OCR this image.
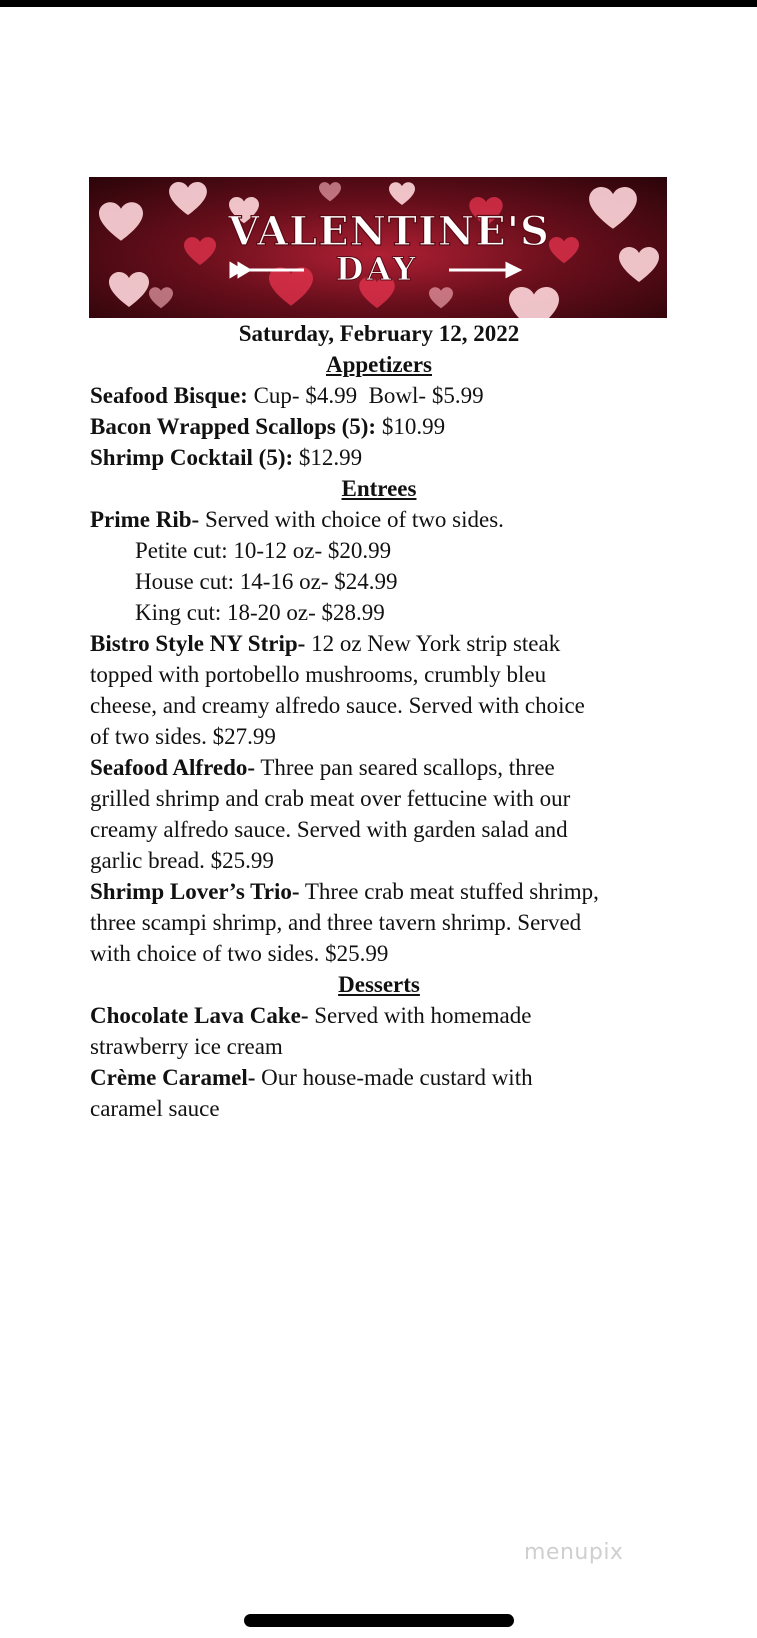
VALENTINE'S
DAY
Saturday, February 12, 2022
Appetizers
Seafood Bisque: Cup- $4.99  Bowl- $5.99
Bacon Wrapped Scallops (5): $10.99
Shrimp Cocktail (5): $12.99
Entrees
Prime Rib- Served with choice of two sides.
Petite cut: 10-12 oz- $20.99
House cut: 14-16 oz- $24.99
King cut: 18-20 oz- $28.99
Bistro Style NY Strip- 12 oz New York strip steak
topped with portobello mushrooms, crumbly bleu
cheese, and creamy alfredo sauce. Served with choice
of two sides. $27.99
Seafood Alfredo- Three pan seared scallops, three
grilled shrimp and crab meat over fettucine with our
creamy alfredo sauce. Served with garden salad and
garlic bread. $25.99
Shrimp Lover’s Trio- Three crab meat stuffed shrimp,
three scampi shrimp, and three tavern shrimp. Served
with choice of two sides. $25.99
Desserts
Chocolate Lava Cake- Served with homemade
strawberry ice cream
Crème Caramel- Our house-made custard with
caramel sauce
menupix
